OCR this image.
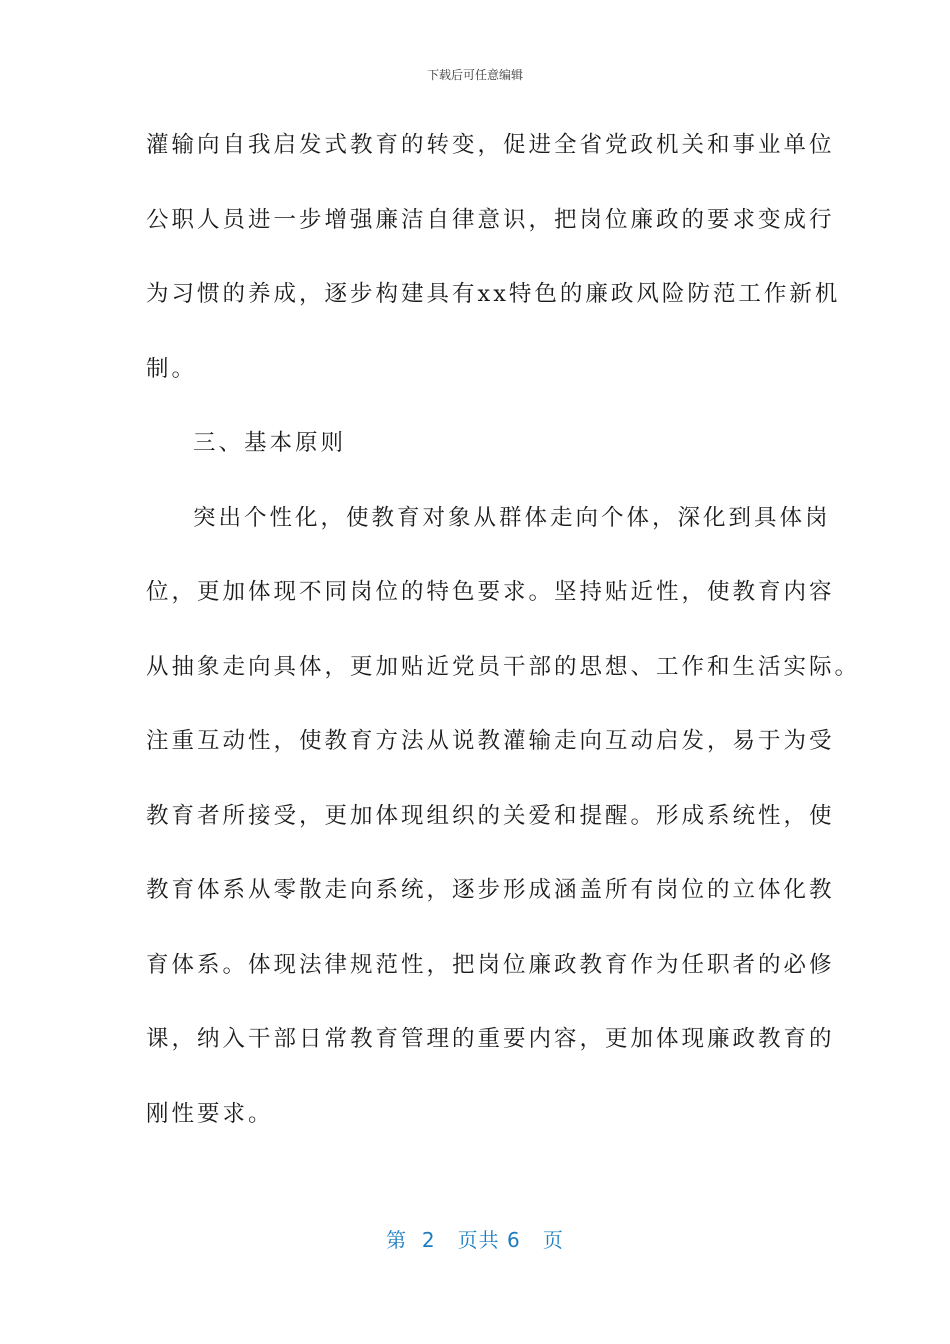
下载后可任意编辑
灌输向自我启发式教育的转变，促进全省党政机关和事业单位
公职人员进一步增强廉洁自律意识，把岗位廉政的要求变成行
为习惯的养成，逐步构建具有xx特色的廉政风险防范工作新机
制。
三、基本原则
突出个性化，使教育对象从群体走向个体，深化到具体岗
位，更加体现不同岗位的特色要求。坚持贴近性，使教育内容
从抽象走向具体，更加贴近党员干部的思想、工作和生活实际。
注重互动性，使教育方法从说教灌输走向互动启发，易于为受
教育者所接受，更加体现组织的关爱和提醒。形成系统性，使
教育体系从零散走向系统，逐步形成涵盖所有岗位的立体化教
育体系。体现法律规范性，把岗位廉政教育作为任职者的必修
课，纳入干部日常教育管理的重要内容，更加体现廉政教育的
刚性要求。
第  2   页共 6   页
